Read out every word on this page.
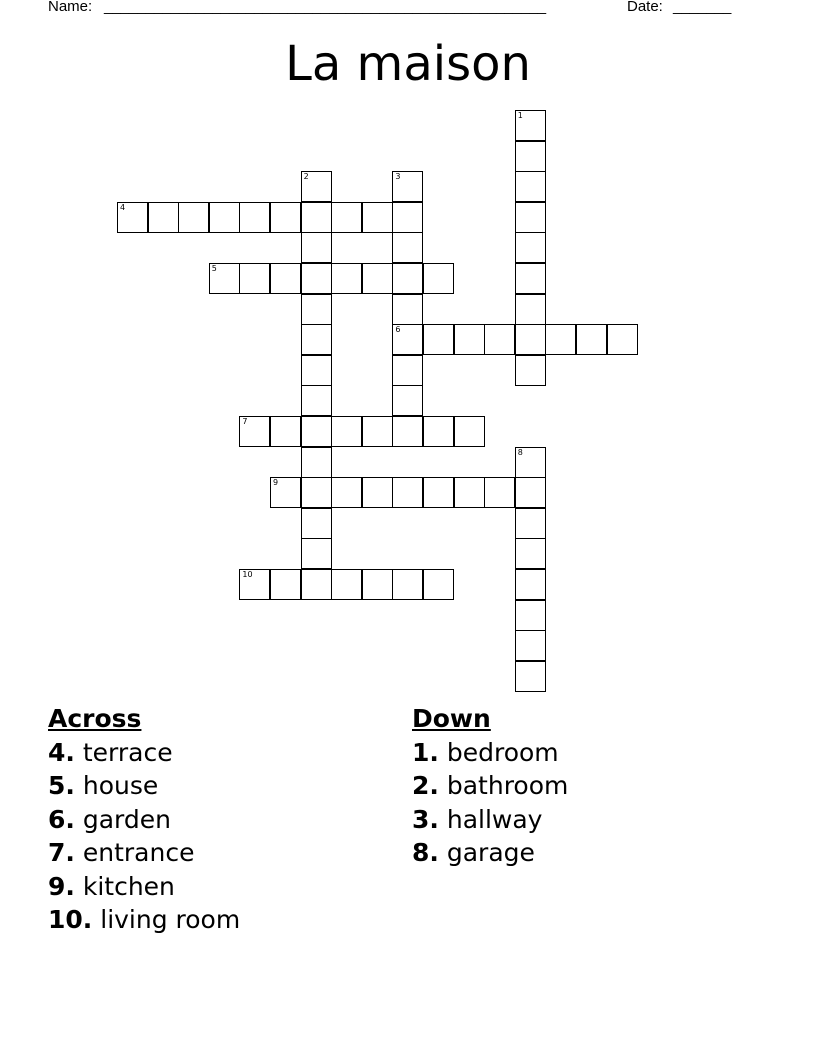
Name:

_____________________________________________________

	Date:

_______

La maison
1
2	3
6
4
5
7
8
9
10
Across
4. terrace
5. house
6. garden
7. entrance
9. kitchen
10. living room
Down
1. bedroom
2. bathroom
3. hallway
8. garage
